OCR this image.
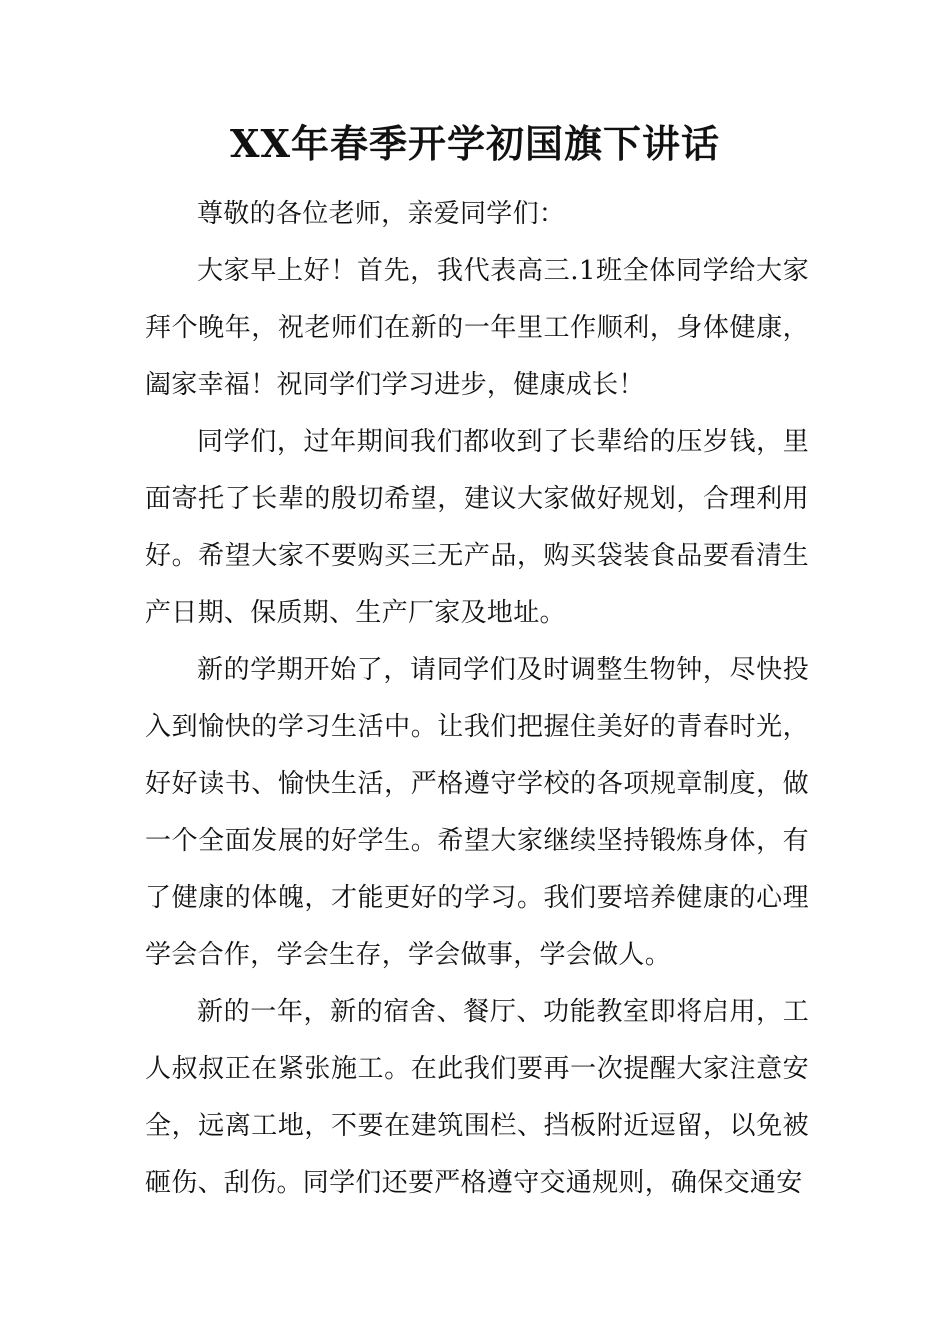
XX年春季开学初国旗下讲话

尊敬的各位老师，亲爱同学们：

大家早上好！首先，我代表高三.1班全体同学给大家拜个晚年，祝老师们在新的一年里工作顺利，身体健康，阖家幸福！祝同学们学习进步，健康成长！

同学们，过年期间我们都收到了长辈给的压岁钱，里面寄托了长辈的殷切希望，建议大家做好规划，合理利用好。希望大家不要购买三无产品，购买袋装食品要看清生产日期、保质期、生产厂家及地址。

新的学期开始了，请同学们及时调整生物钟，尽快投入到愉快的学习生活中。让我们把握住美好的青春时光，好好读书、愉快生活，严格遵守学校的各项规章制度，做一个全面发展的好学生。希望大家继续坚持锻炼身体，有了健康的体魄，才能更好的学习。我们要培养健康的心理学会合作，学会生存，学会做事，学会做人。

新的一年，新的宿舍、餐厅、功能教室即将启用，工人叔叔正在紧张施工。在此我们要再一次提醒大家注意安全，远离工地，不要在建筑围栏、挡板附近逗留，以免被砸伤、刮伤。同学们还要严格遵守交通规则，确保交通安
